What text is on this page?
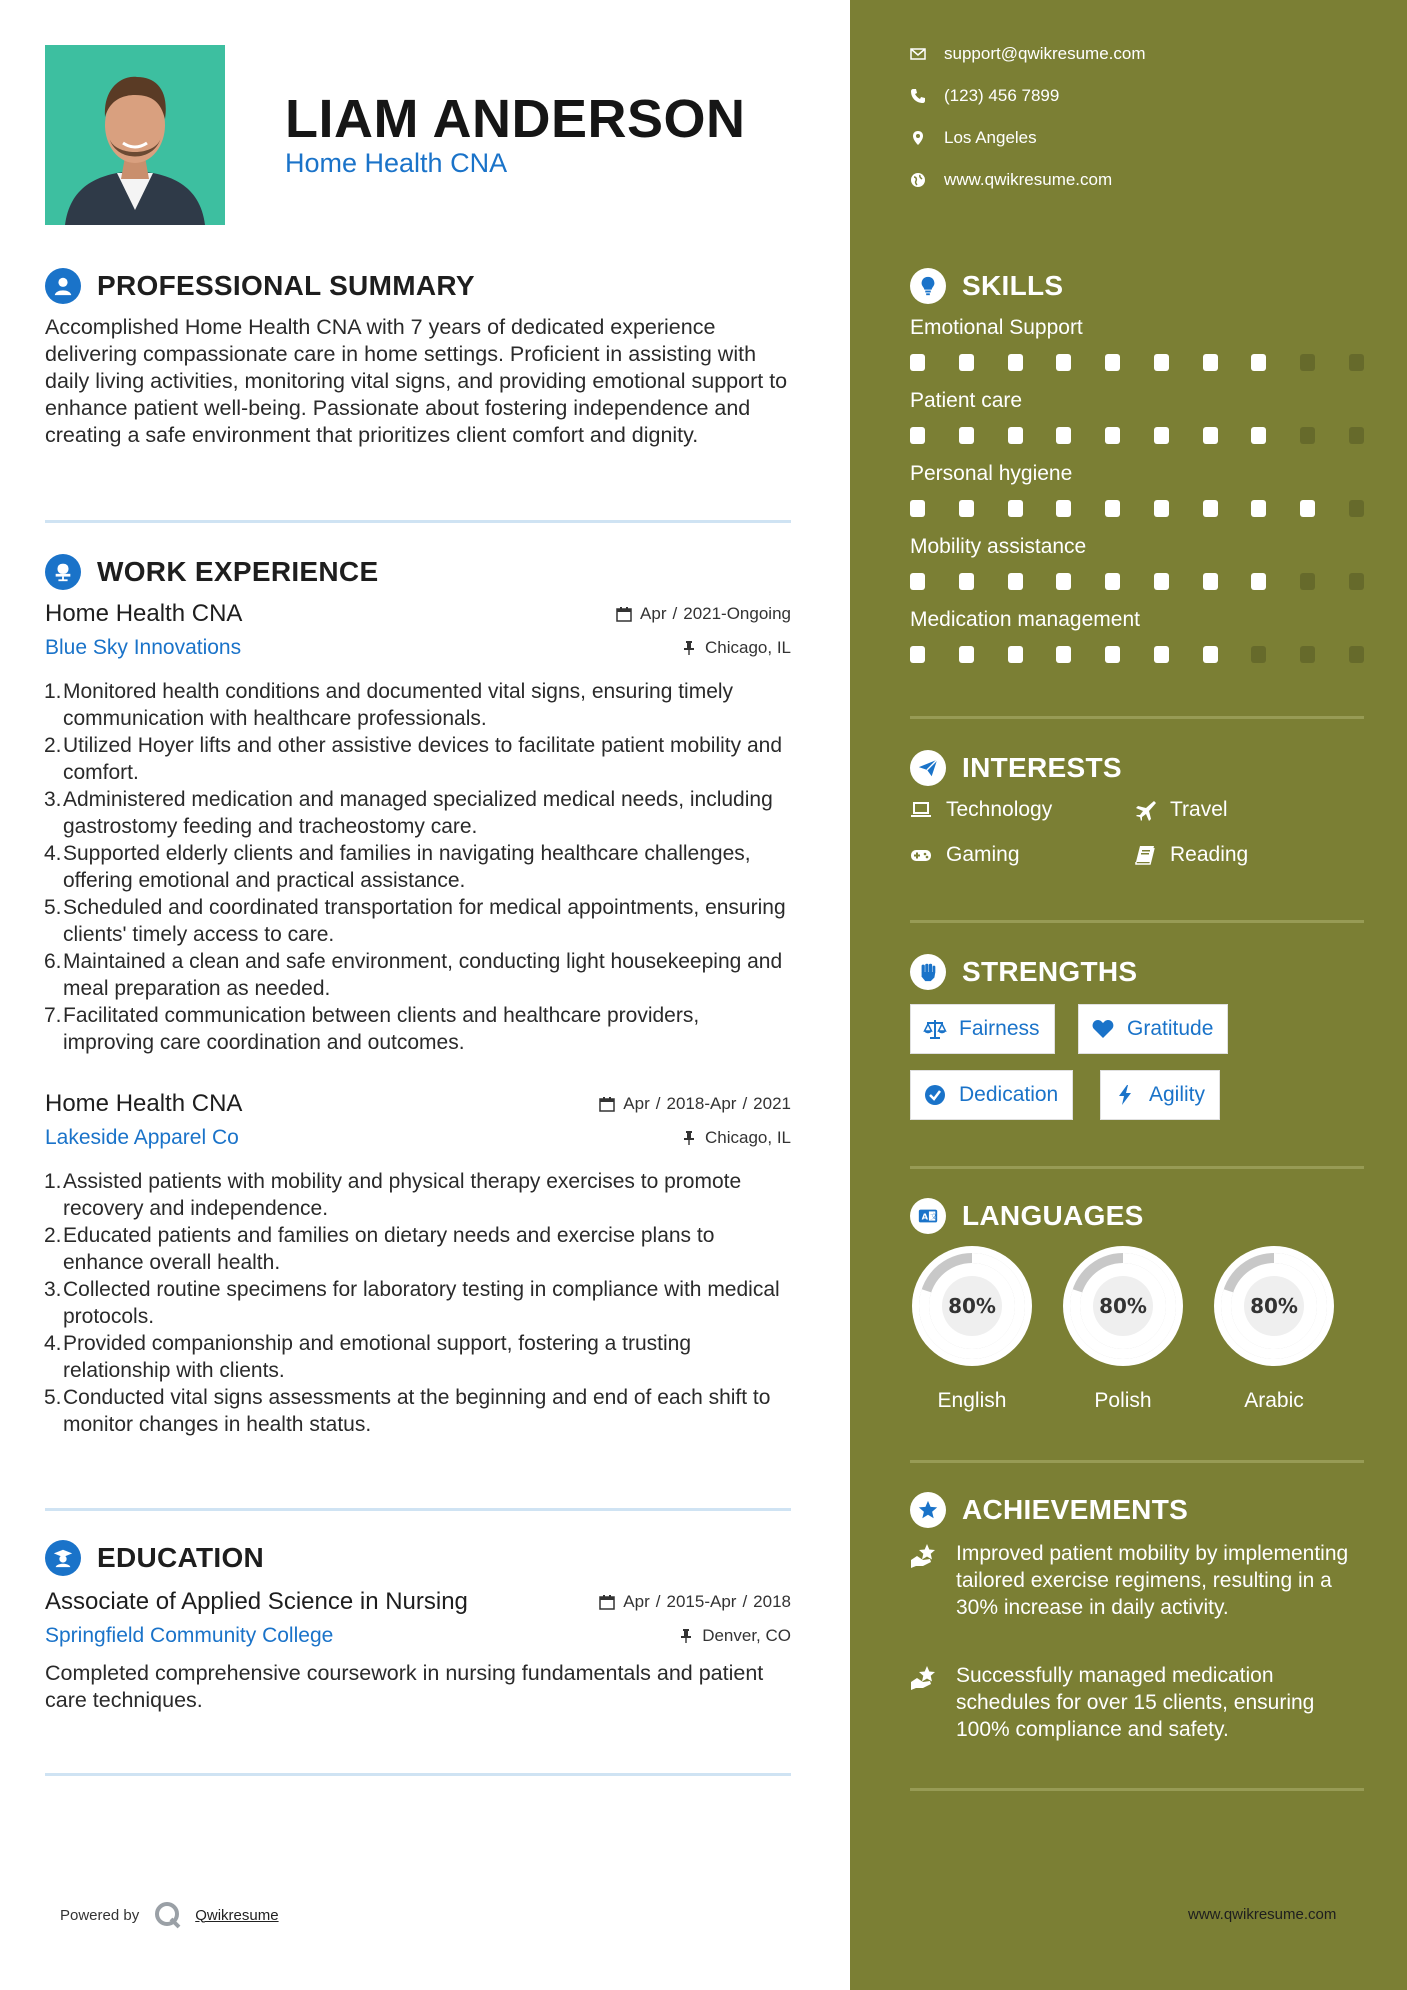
LIAM ANDERSON
Home Health CNA
PROFESSIONAL SUMMARY
Accomplished Home Health CNA with 7 years of dedicated experience delivering compassionate care in home settings. Proficient in assisting with daily living activities, monitoring vital signs, and providing emotional support to enhance patient well-being. Passionate about fostering independence and creating a safe environment that prioritizes client comfort and dignity.
WORK EXPERIENCE
Home Health CNA	Apr / 2021-Ongoing
Blue Sky Innovations	Chicago, IL
1. Monitored health conditions and documented vital signs, ensuring timely communication with healthcare professionals.
2. Utilized Hoyer lifts and other assistive devices to facilitate patient mobility and comfort.
3. Administered medication and managed specialized medical needs, including gastrostomy feeding and tracheostomy care.
4. Supported elderly clients and families in navigating healthcare challenges, offering emotional and practical assistance.
5. Scheduled and coordinated transportation for medical appointments, ensuring clients' timely access to care.
6. Maintained a clean and safe environment, conducting light housekeeping and meal preparation as needed.
7. Facilitated communication between clients and healthcare providers, improving care coordination and outcomes.
Home Health CNA	Apr / 2018-Apr / 2021
Lakeside Apparel Co	Chicago, IL
1. Assisted patients with mobility and physical therapy exercises to promote recovery and independence.
2. Educated patients and families on dietary needs and exercise plans to enhance overall health.
3. Collected routine specimens for laboratory testing in compliance with medical protocols.
4. Provided companionship and emotional support, fostering a trusting relationship with clients.
5. Conducted vital signs assessments at the beginning and end of each shift to monitor changes in health status.
EDUCATION
Associate of Applied Science in Nursing	Apr / 2015-Apr / 2018
Springfield Community College	Denver, CO
Completed comprehensive coursework in nursing fundamentals and patient care techniques.
Powered by	Qwikresume
support@qwikresume.com
(123) 456 7899
Los Angeles
www.qwikresume.com
SKILLS
Emotional Support
Patient care
Personal hygiene
Mobility assistance
Medication management
INTERESTS
Technology	Travel
Gaming	Reading
STRENGTHS
Fairness	Gratitude
Dedication	Agility
A 文 LANGUAGES
80%
English
80%
Polish
80%
Arabic
ACHIEVEMENTS
Improved patient mobility by implementing tailored exercise regimens, resulting in a 30% increase in daily activity.
Successfully managed medication schedules for over 15 clients, ensuring 100% compliance and safety.
www.qwikresume.com
